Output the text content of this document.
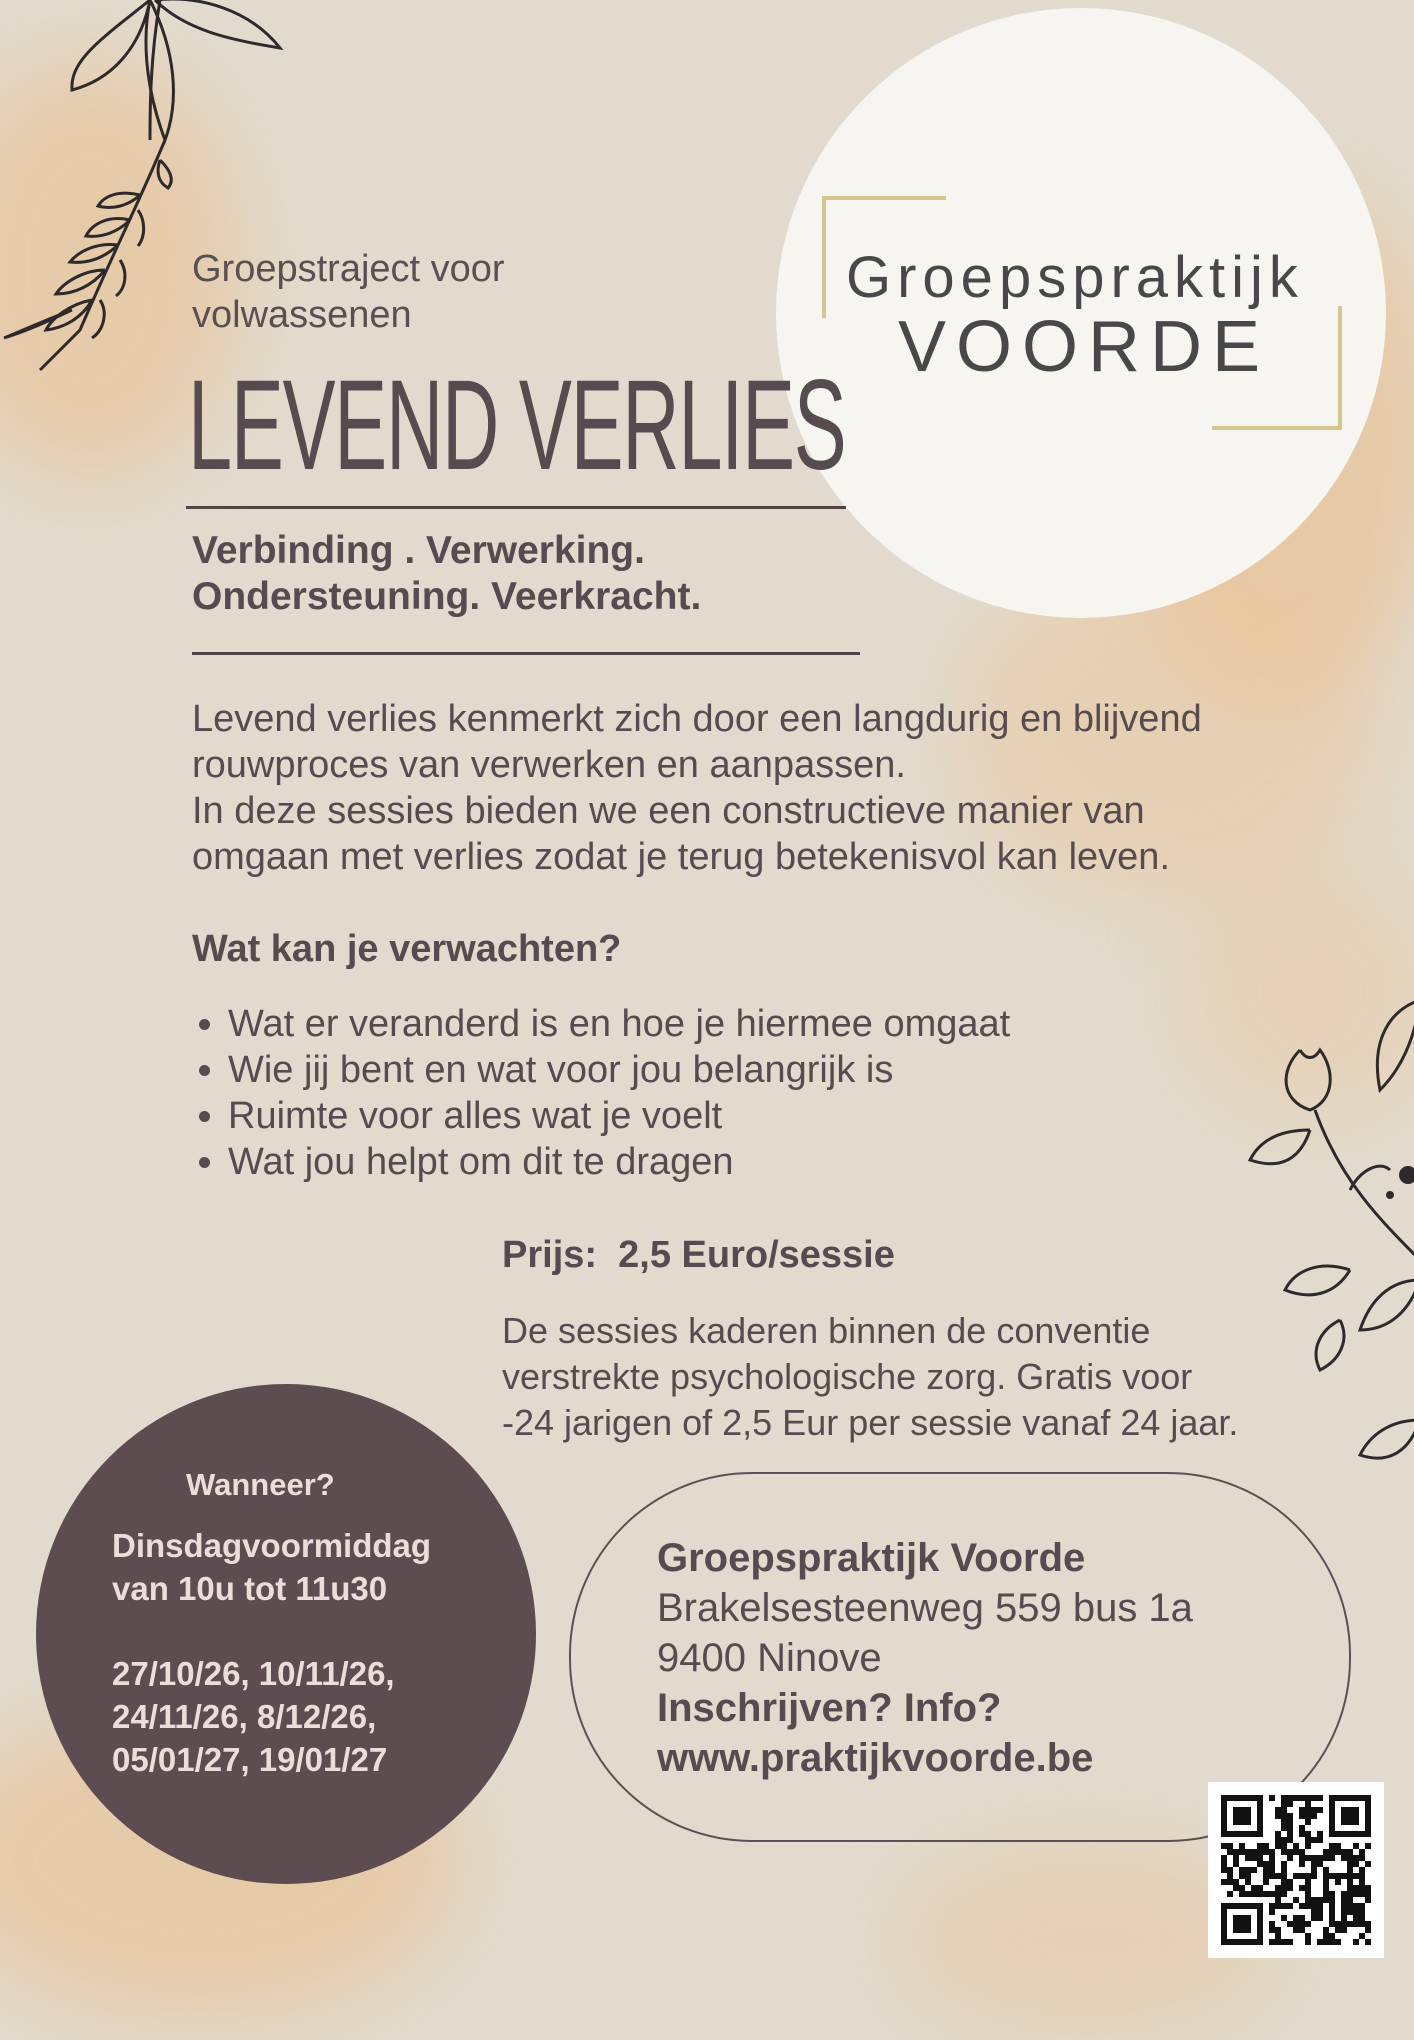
Groepspraktijk
VOORDE
Groepstraject voor
volwassenen
LEVEND VERLIES
Verbinding . Verwerking.
Ondersteuning. Veerkracht.
Levend verlies kenmerkt zich door een langdurig en blijvend
rouwproces van verwerken en aanpassen.
In deze sessies bieden we een constructieve manier van
omgaan met verlies zodat je terug betekenisvol kan leven.
Wat kan je verwachten?
• Wat er veranderd is en hoe je hiermee omgaat
• Wie jij bent en wat voor jou belangrijk is
• Ruimte voor alles wat je voelt
• Wat jou helpt om dit te dragen
Prijs:  2,5 Euro/sessie
De sessies kaderen binnen de conventie
verstrekte psychologische zorg. Gratis voor
-24 jarigen of 2,5 Eur per sessie vanaf 24 jaar.
Wanneer?
Dinsdagvoormiddag
van 10u tot 11u30
27/10/26, 10/11/26,
24/11/26, 8/12/26,
05/01/27, 19/01/27
Groepspraktijk Voorde
Brakelsesteenweg 559 bus 1a
9400 Ninove
Inschrijven? Info?
www.praktijkvoorde.be
